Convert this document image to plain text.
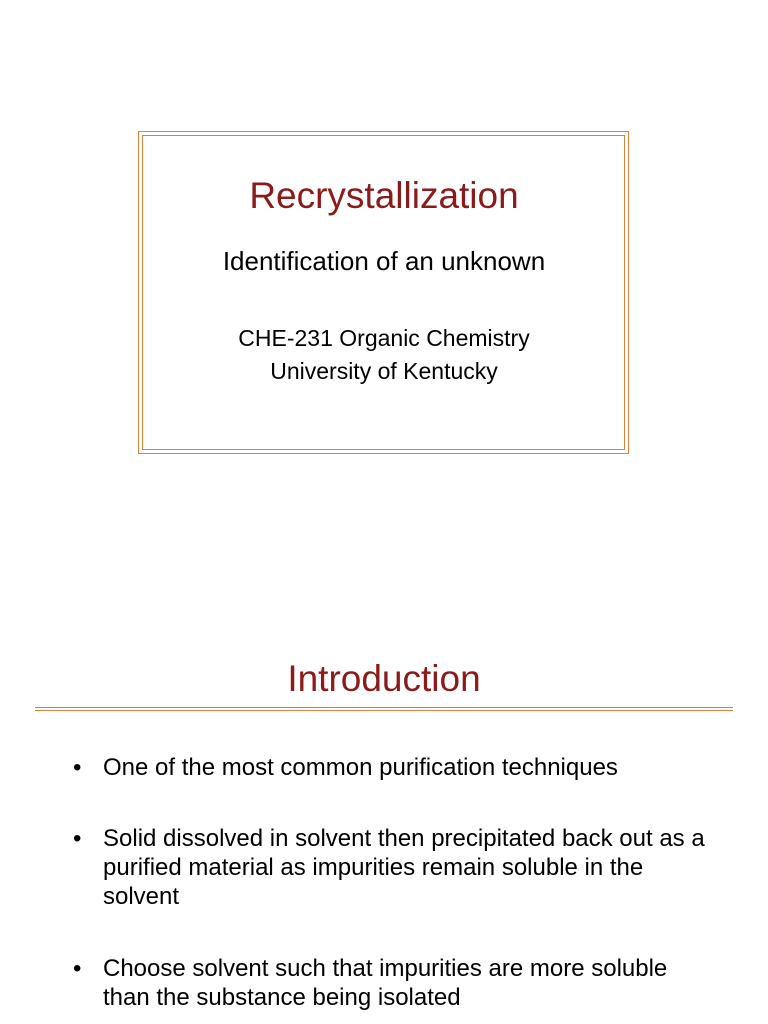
Recrystallization

Identification of an unknown

CHE-231 Organic Chemistry
University of Kentucky
Introduction
• One of the most common purification techniques
• Solid dissolved in solvent then precipitated back out as a purified material as impurities remain soluble in the solvent
• Choose solvent such that impurities are more soluble than the substance being isolated
